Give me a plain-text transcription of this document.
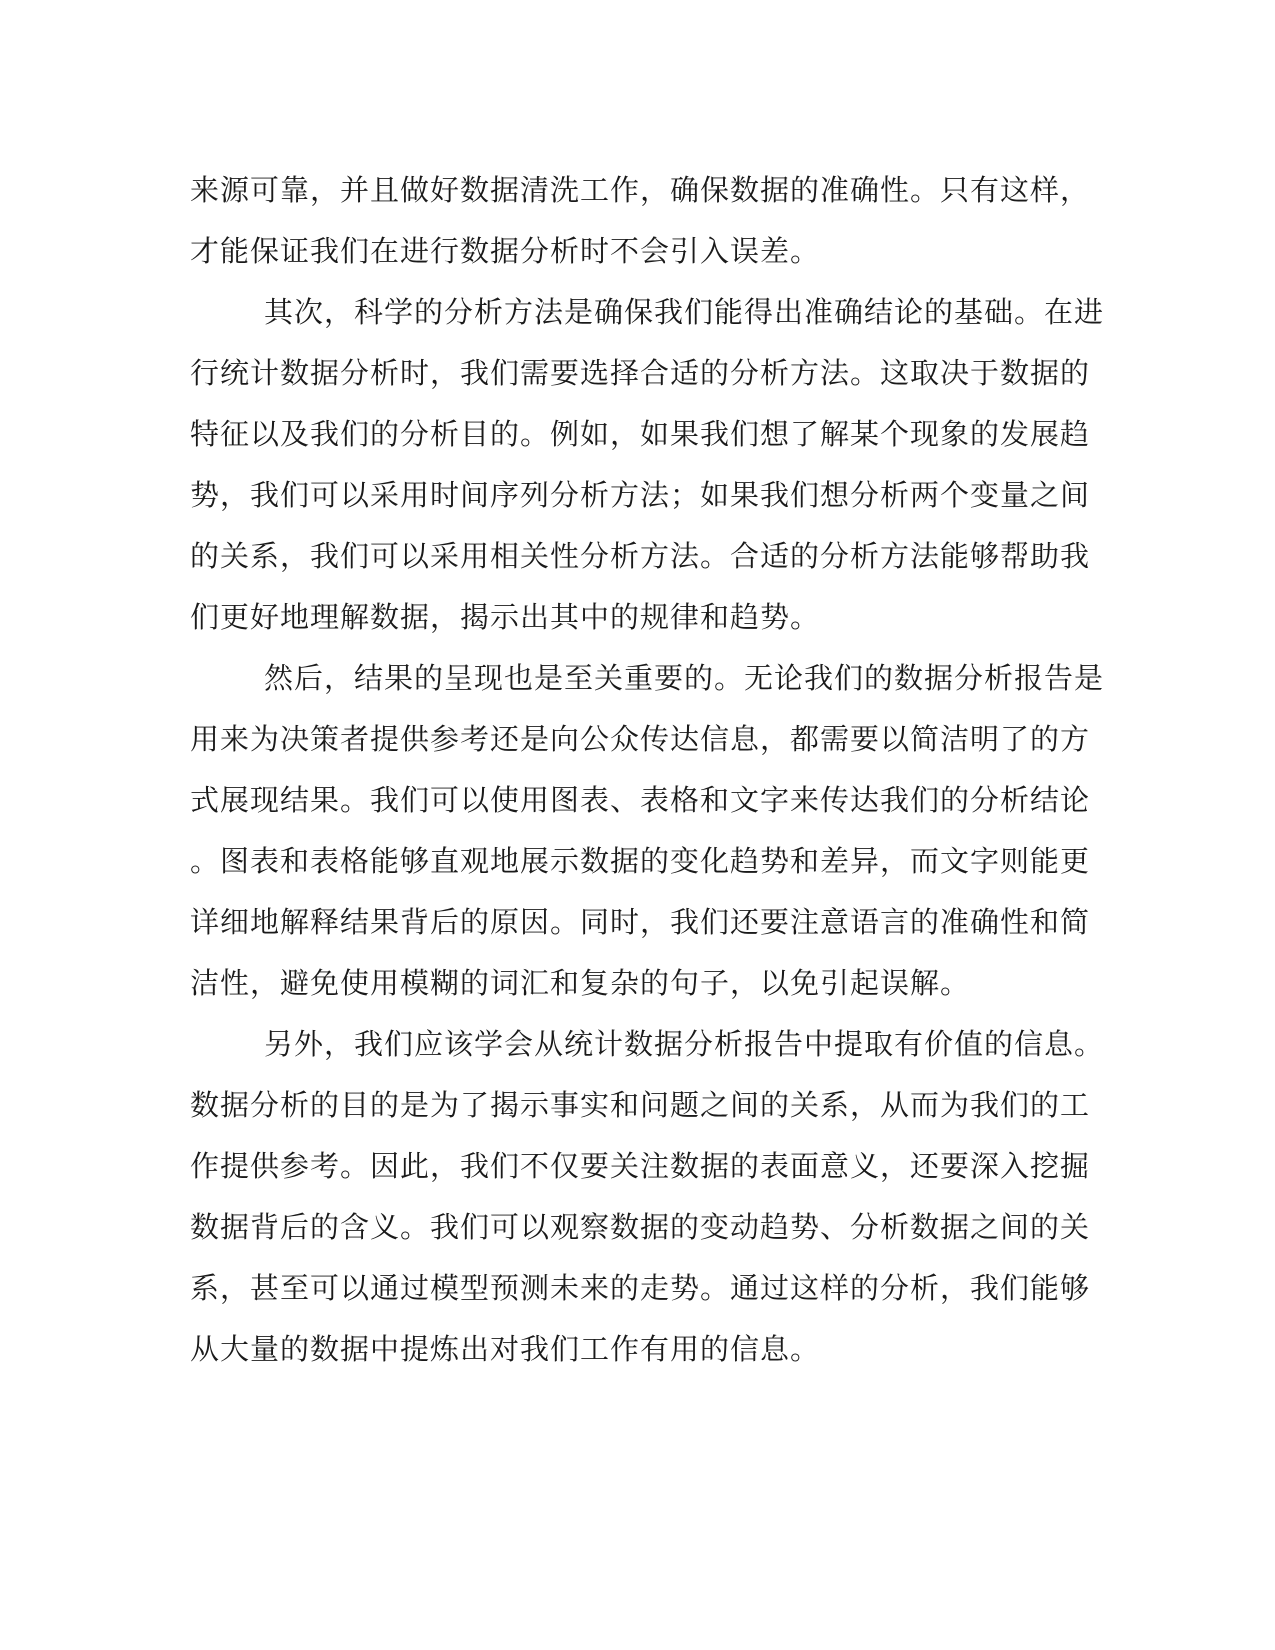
来源可靠，并且做好数据清洗工作，确保数据的准确性。只有这样，
才能保证我们在进行数据分析时不会引入误差。
其次，科学的分析方法是确保我们能得出准确结论的基础。在进
行统计数据分析时，我们需要选择合适的分析方法。这取决于数据的
特征以及我们的分析目的。例如，如果我们想了解某个现象的发展趋
势，我们可以采用时间序列分析方法；如果我们想分析两个变量之间
的关系，我们可以采用相关性分析方法。合适的分析方法能够帮助我
们更好地理解数据，揭示出其中的规律和趋势。
然后，结果的呈现也是至关重要的。无论我们的数据分析报告是
用来为决策者提供参考还是向公众传达信息，都需要以简洁明了的方
式展现结果。我们可以使用图表、表格和文字来传达我们的分析结论
。图表和表格能够直观地展示数据的变化趋势和差异，而文字则能更
详细地解释结果背后的原因。同时，我们还要注意语言的准确性和简
洁性，避免使用模糊的词汇和复杂的句子，以免引起误解。
另外，我们应该学会从统计数据分析报告中提取有价值的信息。
数据分析的目的是为了揭示事实和问题之间的关系，从而为我们的工
作提供参考。因此，我们不仅要关注数据的表面意义，还要深入挖掘
数据背后的含义。我们可以观察数据的变动趋势、分析数据之间的关
系，甚至可以通过模型预测未来的走势。通过这样的分析，我们能够
从大量的数据中提炼出对我们工作有用的信息。
